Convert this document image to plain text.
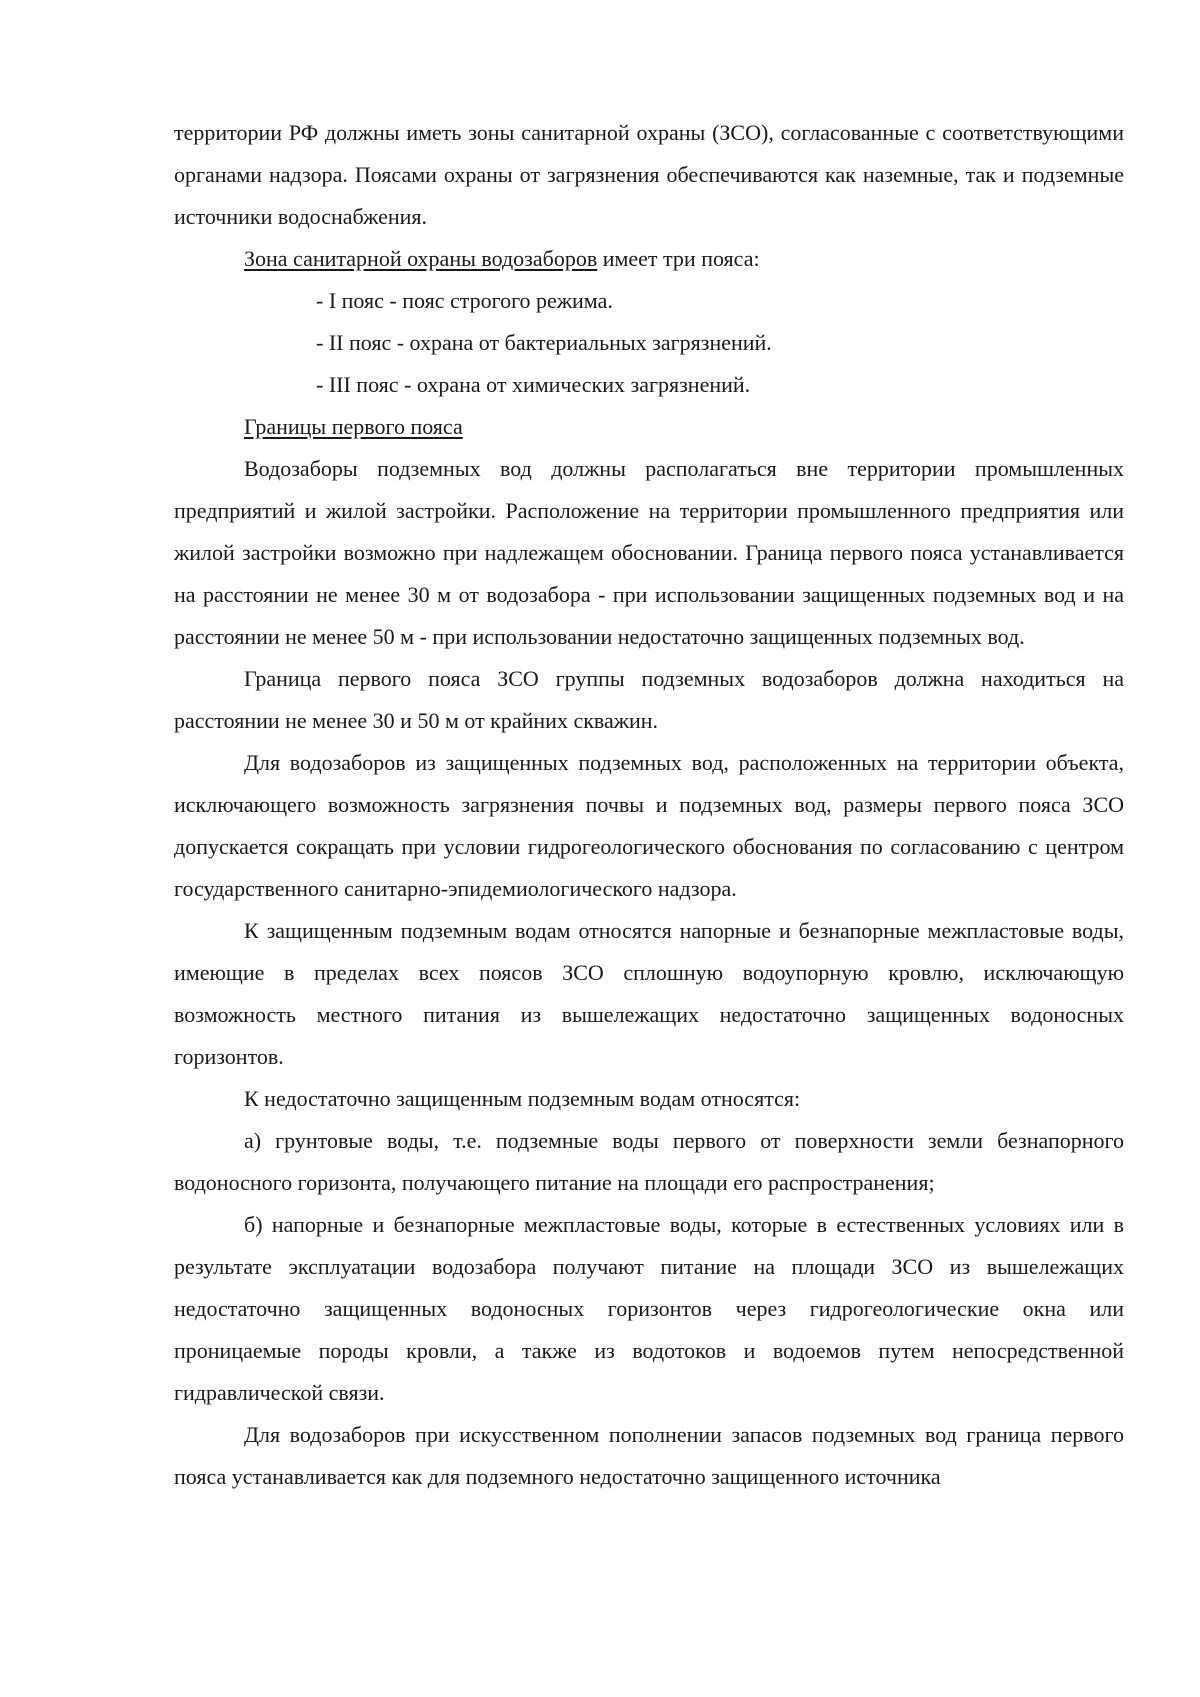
территории РФ должны иметь зоны санитарной охраны (ЗСО), согласованные с соответствующими органами надзора. Поясами охраны от загрязнения обеспечиваются как наземные, так и подземные источники водоснабжения.

Зона санитарной охраны водозаборов имеет три пояса:

- I пояс - пояс строгого режима.

- II пояс - охрана от бактериальных загрязнений.

- III пояс - охрана от химических загрязнений.

Границы первого пояса

Водозаборы подземных вод должны располагаться вне территории промышленных предприятий и жилой застройки. Расположение на территории промышленного предприятия или жилой застройки возможно при надлежащем обосновании. Граница первого пояса устанавливается на расстоянии не менее 30 м от водозабора - при использовании защищенных подземных вод и на расстоянии не менее 50 м - при использовании недостаточно защищенных подземных вод.

Граница первого пояса ЗСО группы подземных водозаборов должна находиться на расстоянии не менее 30 и 50 м от крайних скважин.

Для водозаборов из защищенных подземных вод, расположенных на территории объекта, исключающего возможность загрязнения почвы и подземных вод, размеры первого пояса ЗСО допускается сокращать при условии гидрогеологического обоснования по согласованию с центром государственного санитарно-эпидемиологического надзора.

К защищенным подземным водам относятся напорные и безнапорные межпластовые воды, имеющие в пределах всех поясов ЗСО сплошную водоупорную кровлю, исключающую возможность местного питания из вышележащих недостаточно защищенных водоносных горизонтов.

К недостаточно защищенным подземным водам относятся:

а) грунтовые воды, т.е. подземные воды первого от поверхности земли безнапорного водоносного горизонта, получающего питание на площади его распространения;

б) напорные и безнапорные межпластовые воды, которые в естественных условиях или в результате эксплуатации водозабора получают питание на площади ЗСО из вышележащих недостаточно защищенных водоносных горизонтов через гидрогеологические окна или проницаемые породы кровли, а также из водотоков и водоемов путем непосредственной гидравлической связи.

Для водозаборов при искусственном пополнении запасов подземных вод граница первого пояса устанавливается как для подземного недостаточно защищенного источника
